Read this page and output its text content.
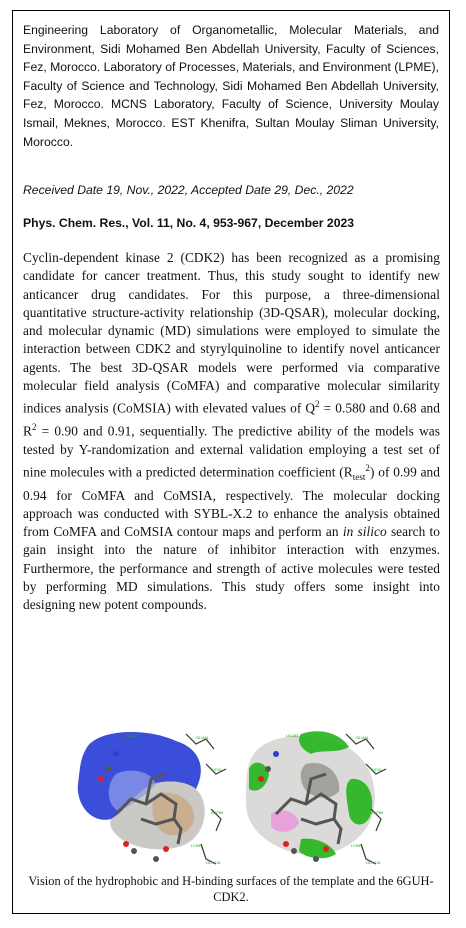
Engineering Laboratory of Organometallic, Molecular Materials, and Environment, Sidi Mohamed Ben Abdellah University, Faculty of Sciences, Fez, Morocco. Laboratory of Processes, Materials, and Environment (LPME), Faculty of Science and Technology, Sidi Mohamed Ben Abdellah University, Fez, Morocco. MCNS Laboratory, Faculty of Science, University Moulay Ismail, Meknes, Morocco. EST Khenifra, Sultan Moulay Sliman University, Morocco.
Received Date 19, Nov., 2022, Accepted Date 29, Dec., 2022
Phys. Chem. Res., Vol. 11, No. 4, 953-967, December 2023
Cyclin-dependent kinase 2 (CDK2) has been recognized as a promising candidate for cancer treatment. Thus, this study sought to identify new anticancer drug candidates. For this purpose, a three-dimensional quantitative structure-activity relationship (3D-QSAR), molecular docking, and molecular dynamic (MD) simulations were employed to simulate the interaction between CDK2 and styrylquinoline to identify novel anticancer agents. The best 3D-QSAR models were performed via comparative molecular field analysis (CoMFA) and comparative molecular similarity indices analysis (CoMSIA) with elevated values of $Q^2 = 0.580$ and 0.68 and $R^2 = 0.90$ and 0.91, sequentially. The predictive ability of the models was tested by Y-randomization and external validation employing a test set of nine molecules with a predicted determination coefficient $(R_{test}^2)$ of 0.99 and 0.94 for CoMFA and CoMSIA, respectively. The molecular docking approach was conducted with SYBL-X.2 to enhance the analysis obtained from CoMFA and CoMSIA contour maps and perform an in silico search to gain insight into the nature of inhibitor interaction with enzymes. Furthermore, the performance and strength of active molecules were tested by performing MD simulations. This study offers some insight into designing new potent compounds.
LEU83	GLU81
ILE10
ASP86
LYS89
GLN131
LEU83	GLU81
ILE10
ASP86
LYS89
GLN131
Vision of the hydrophobic and H-binding surfaces of the template and the 6GUH-CDK2.
